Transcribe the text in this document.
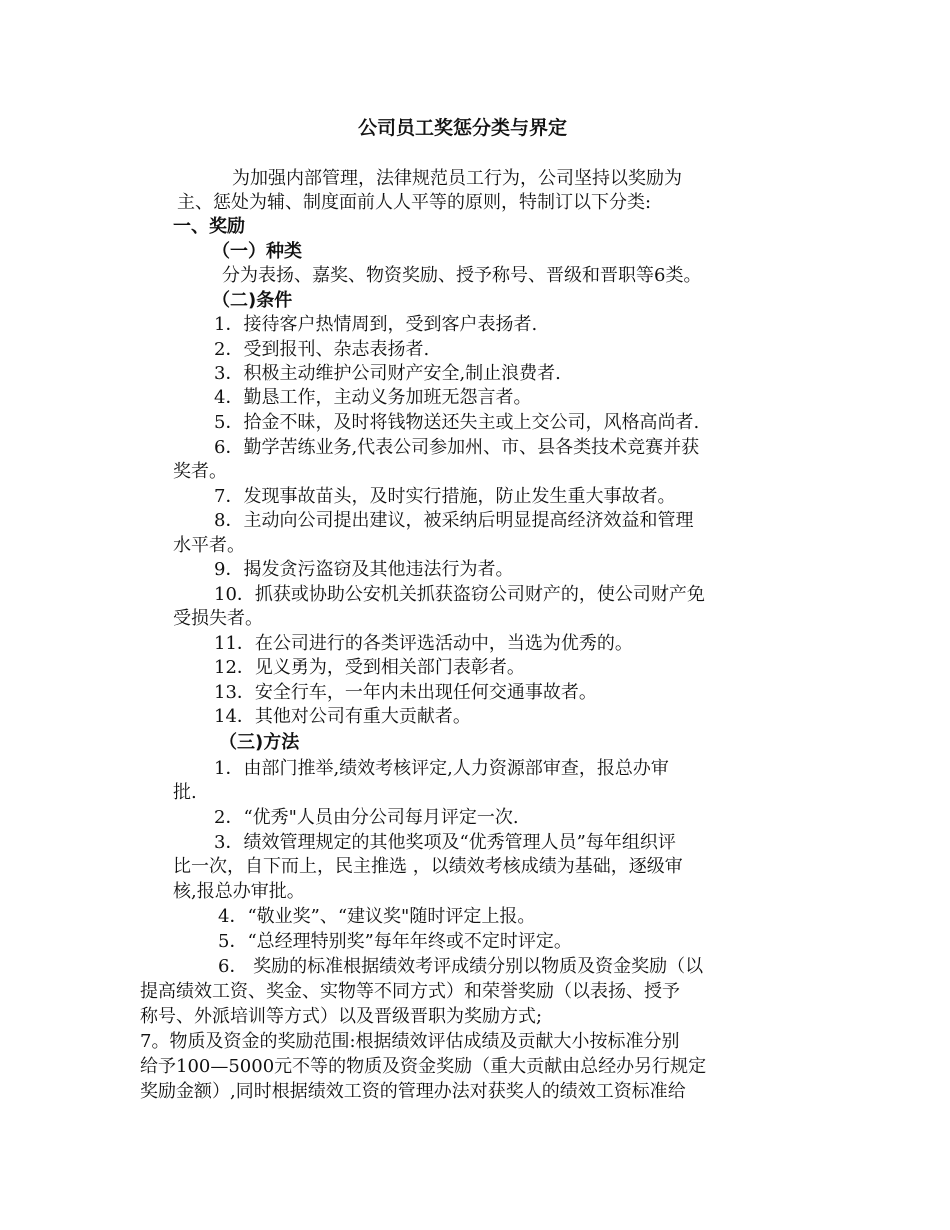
公司员工奖惩分类与界定
为加强内部管理，法律规范员工行为，公司坚持以奖励为
主、惩处为辅、制度面前人人平等的原则，特制订以下分类:
一、奖励
（一）种类
分为表扬、嘉奖、物资奖励、授予称号、晋级和晋职等6类。
（二)条件
1．接待客户热情周到，受到客户表扬者.
2．受到报刊、杂志表扬者.
3．积极主动维护公司财产安全,制止浪费者.
4．勤恳工作，主动义务加班无怨言者。
5．拾金不昧，及时将钱物送还失主或上交公司，风格高尚者.
6．勤学苦练业务,代表公司参加州、市、县各类技术竞赛并获
奖者。
7．发现事故苗头，及时实行措施，防止发生重大事故者。
8．主动向公司提出建议，被采纳后明显提高经济效益和管理
水平者。
9．揭发贪污盗窃及其他违法行为者。
10．抓获或协助公安机关抓获盗窃公司财产的，使公司财产免
受损失者。
11．在公司进行的各类评选活动中，当选为优秀的。
12．见义勇为，受到相关部门表彰者。
13．安全行车，一年内未出现任何交通事故者。
14．其他对公司有重大贡献者。
（三)方法
1．由部门推举,绩效考核评定,人力资源部审查，报总办审
批.
2．“优秀"人员由分公司每月评定一次.
3．绩效管理规定的其他奖项及“优秀管理人员”每年组织评
比一次，自下而上，民主推选 ，以绩效考核成绩为基础，逐级审
核,报总办审批。
4．“敬业奖”、“建议奖"随时评定上报。
5．“总经理特别奖”每年年终或不定时评定。
6． 奖励的标准根据绩效考评成绩分别以物质及资金奖励（以
提高绩效工资、奖金、实物等不同方式）和荣誉奖励（以表扬、授予
称号、外派培训等方式）以及晋级晋职为奖励方式;
7。物质及资金的奖励范围:根据绩效评估成绩及贡献大小按标准分别
给予100—5000元不等的物质及资金奖励（重大贡献由总经办另行规定
奖励金额）,同时根据绩效工资的管理办法对获奖人的绩效工资标准给
